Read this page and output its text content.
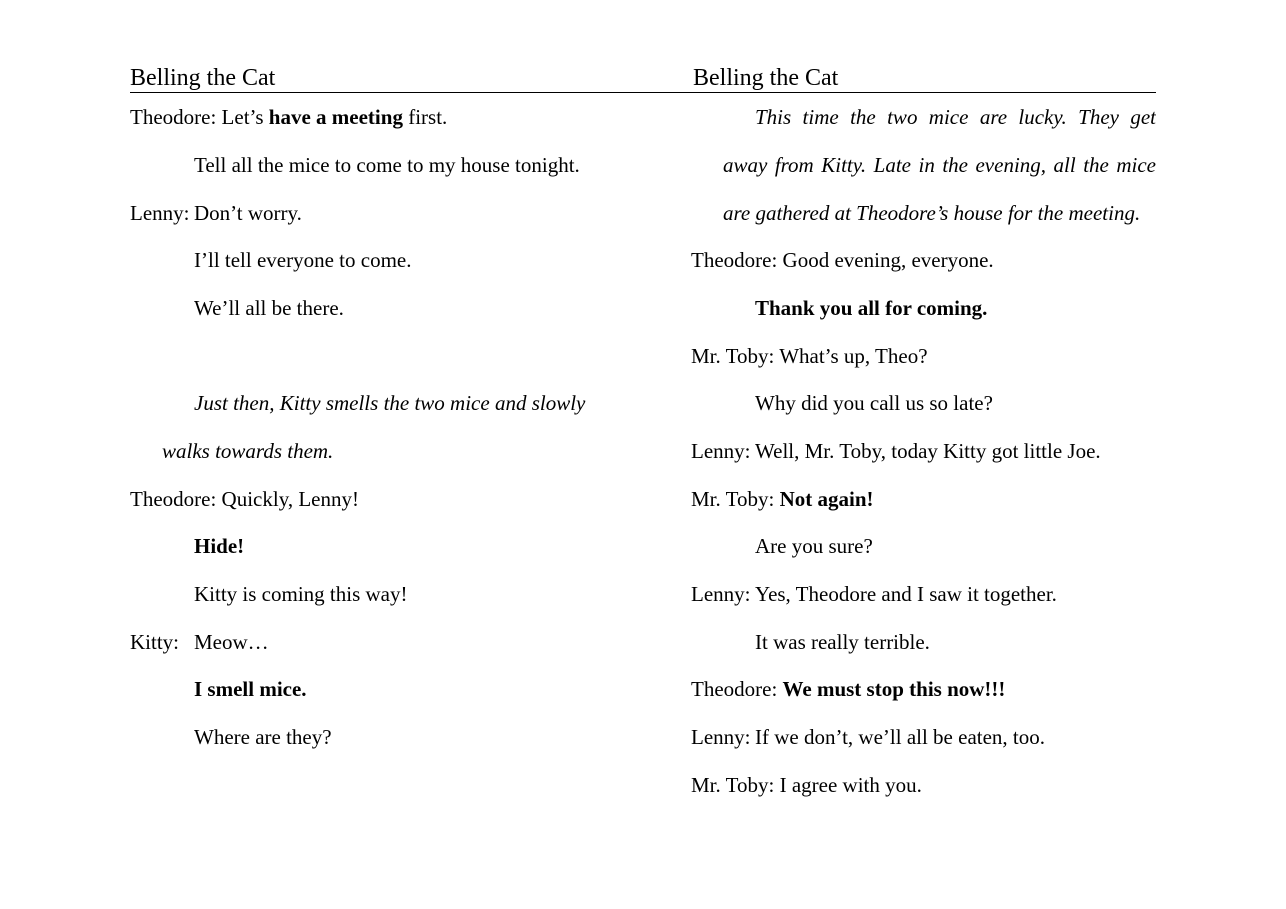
Belling the Cat	Belling the Cat
Theodore: Let’s have a meeting first.
Tell all the mice to come to my house tonight.
Lenny: Don’t worry.
I’ll tell everyone to come.
We’ll all be there.
Just then, Kitty smells the two mice and slowly
walks towards them.
Theodore: Quickly, Lenny!
Hide!
Kitty is coming this way!
Kitty: Meow…
I smell mice.
Where are they?
This time the two mice are lucky. They get
away from Kitty. Late in the evening, all the mice
are gathered at Theodore’s house for the meeting.
Theodore: Good evening, everyone.
Thank you all for coming.
Mr. Toby: What’s up, Theo?
Why did you call us so late?
Lenny: Well, Mr. Toby, today Kitty got little Joe.
Mr. Toby: Not again!
Are you sure?
Lenny: Yes, Theodore and I saw it together.
It was really terrible.
Theodore: We must stop this now!!!
Lenny: If we don’t, we’ll all be eaten, too.
Mr. Toby: I agree with you.
